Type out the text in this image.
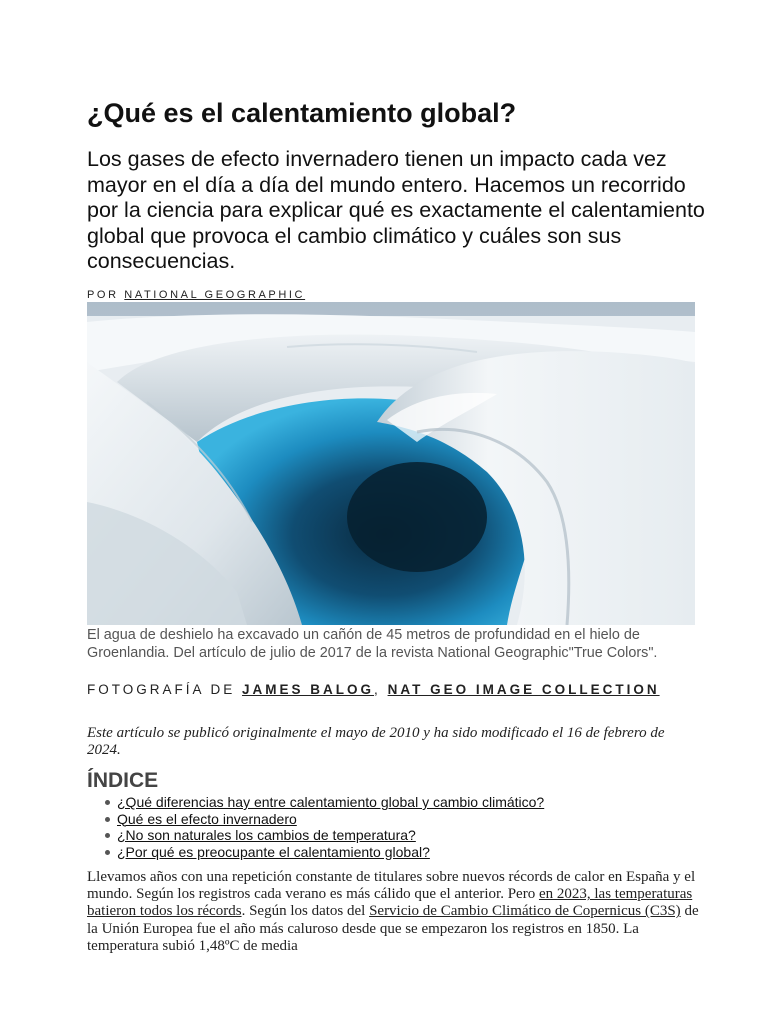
¿Qué es el calentamiento global?

Los gases de efecto invernadero tienen un impacto cada vez mayor en el día a día del mundo entero. Hacemos un recorrido por la ciencia para explicar qué es exactamente el calentamiento global que provoca el cambio climático y cuáles son sus consecuencias.

POR NATIONAL GEOGRAPHIC

El agua de deshielo ha excavado un cañón de 45 metros de profundidad en el hielo de Groenlandia. Del artículo de julio de 2017 de la revista National Geographic"True Colors".

FOTOGRAFÍA DE JAMES BALOG, NAT GEO IMAGE COLLECTION

Este artículo se publicó originalmente el mayo de 2010 y ha sido modificado el 16 de febrero de 2024.

ÍNDICE
¿Qué diferencias hay entre calentamiento global y cambio climático?
Qué es el efecto invernadero
¿No son naturales los cambios de temperatura?
¿Por qué es preocupante el calentamiento global?

Llevamos años con una repetición constante de titulares sobre nuevos récords de calor en España y el mundo. Según los registros cada verano es más cálido que el anterior. Pero en 2023, las temperaturas batieron todos los récords. Según los datos del Servicio de Cambio Climático de Copernicus (C3S) de la Unión Europea fue el año más caluroso desde que se empezaron los registros en 1850. La temperatura subió 1,48ºC de media
